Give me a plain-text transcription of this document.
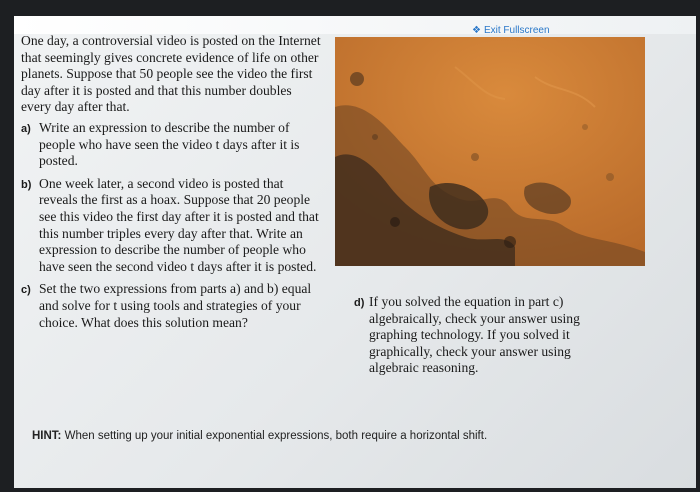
❖ Exit Fullscreen

One day, a controversial video is posted on the Internet that seemingly gives concrete evidence of life on other planets. Suppose that 50 people see the video the first day after it is posted and that this number doubles every day after that.

a) Write an expression to describe the number of people who have seen the video t days after it is posted.
b) One week later, a second video is posted that reveals the first as a hoax. Suppose that 20 people see this video the first day after it is posted and that this number triples every day after that. Write an expression to describe the number of people who have seen the second video t days after it is posted.
c) Set the two expressions from parts a) and b) equal and solve for t using tools and strategies of your choice. What does this solution mean?
d) If you solved the equation in part c) algebraically, check your answer using graphing technology. If you solved it graphically, check your answer using algebraic reasoning.
HINT: When setting up your initial exponential expressions, both require a horizontal shift.
